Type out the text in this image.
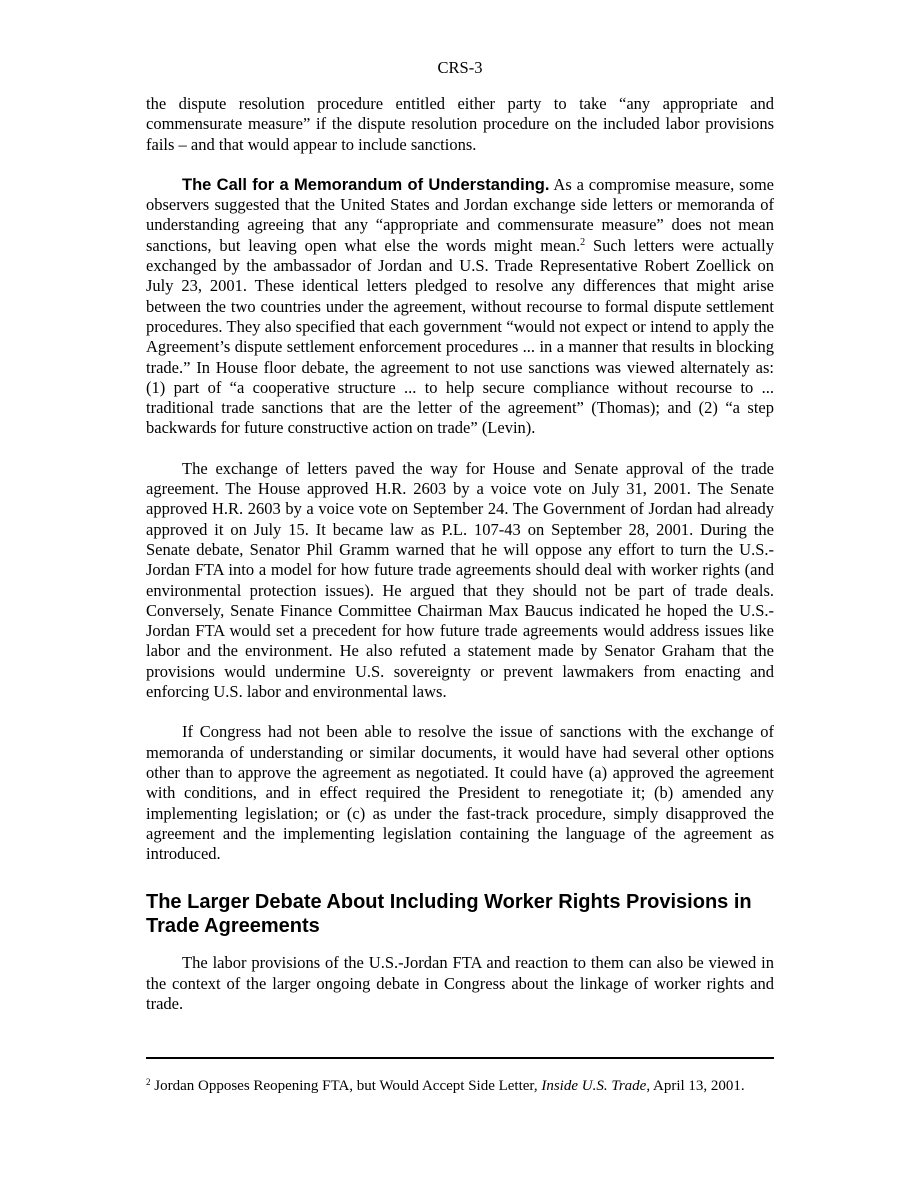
CRS-3

the dispute resolution procedure entitled either party to take “any appropriate and commensurate measure” if the dispute resolution procedure on the included labor provisions fails – and that would appear to include sanctions.

The Call for a Memorandum of Understanding. As a compromise measure, some observers suggested that the United States and Jordan exchange side letters or memoranda of understanding agreeing that any “appropriate and commensurate measure” does not mean sanctions, but leaving open what else the words might mean.$^2$ Such letters were actually exchanged by the ambassador of Jordan and U.S. Trade Representative Robert Zoellick on July 23, 2001. These identical letters pledged to resolve any differences that might arise between the two countries under the agreement, without recourse to formal dispute settlement procedures. They also specified that each government “would not expect or intend to apply the Agreement’s dispute settlement enforcement procedures ... in a manner that results in blocking trade.” In House floor debate, the agreement to not use sanctions was viewed alternately as: (1) part of “a cooperative structure ... to help secure compliance without recourse to ... traditional trade sanctions that are the letter of the agreement” (Thomas); and (2) “a step backwards for future constructive action on trade” (Levin).

The exchange of letters paved the way for House and Senate approval of the trade agreement. The House approved H.R. 2603 by a voice vote on July 31, 2001. The Senate approved H.R. 2603 by a voice vote on September 24. The Government of Jordan had already approved it on July 15. It became law as P.L. 107-43 on September 28, 2001. During the Senate debate, Senator Phil Gramm warned that he will oppose any effort to turn the U.S.-Jordan FTA into a model for how future trade agreements should deal with worker rights (and environmental protection issues). He argued that they should not be part of trade deals. Conversely, Senate Finance Committee Chairman Max Baucus indicated he hoped the U.S.-Jordan FTA would set a precedent for how future trade agreements would address issues like labor and the environment. He also refuted a statement made by Senator Graham that the provisions would undermine U.S. sovereignty or prevent lawmakers from enacting and enforcing U.S. labor and environmental laws.

If Congress had not been able to resolve the issue of sanctions with the exchange of memoranda of understanding or similar documents, it would have had several other options other than to approve the agreement as negotiated. It could have (a) approved the agreement with conditions, and in effect required the President to renegotiate it; (b) amended any implementing legislation; or (c) as under the fast-track procedure, simply disapproved the agreement and the implementing legislation containing the language of the agreement as introduced.

The Larger Debate About Including Worker Rights Provisions in Trade Agreements

The labor provisions of the U.S.-Jordan FTA and reaction to them can also be viewed in the context of the larger ongoing debate in Congress about the linkage of worker rights and trade.

$^2$ Jordan Opposes Reopening FTA, but Would Accept Side Letter, Inside U.S. Trade, April 13, 2001.
